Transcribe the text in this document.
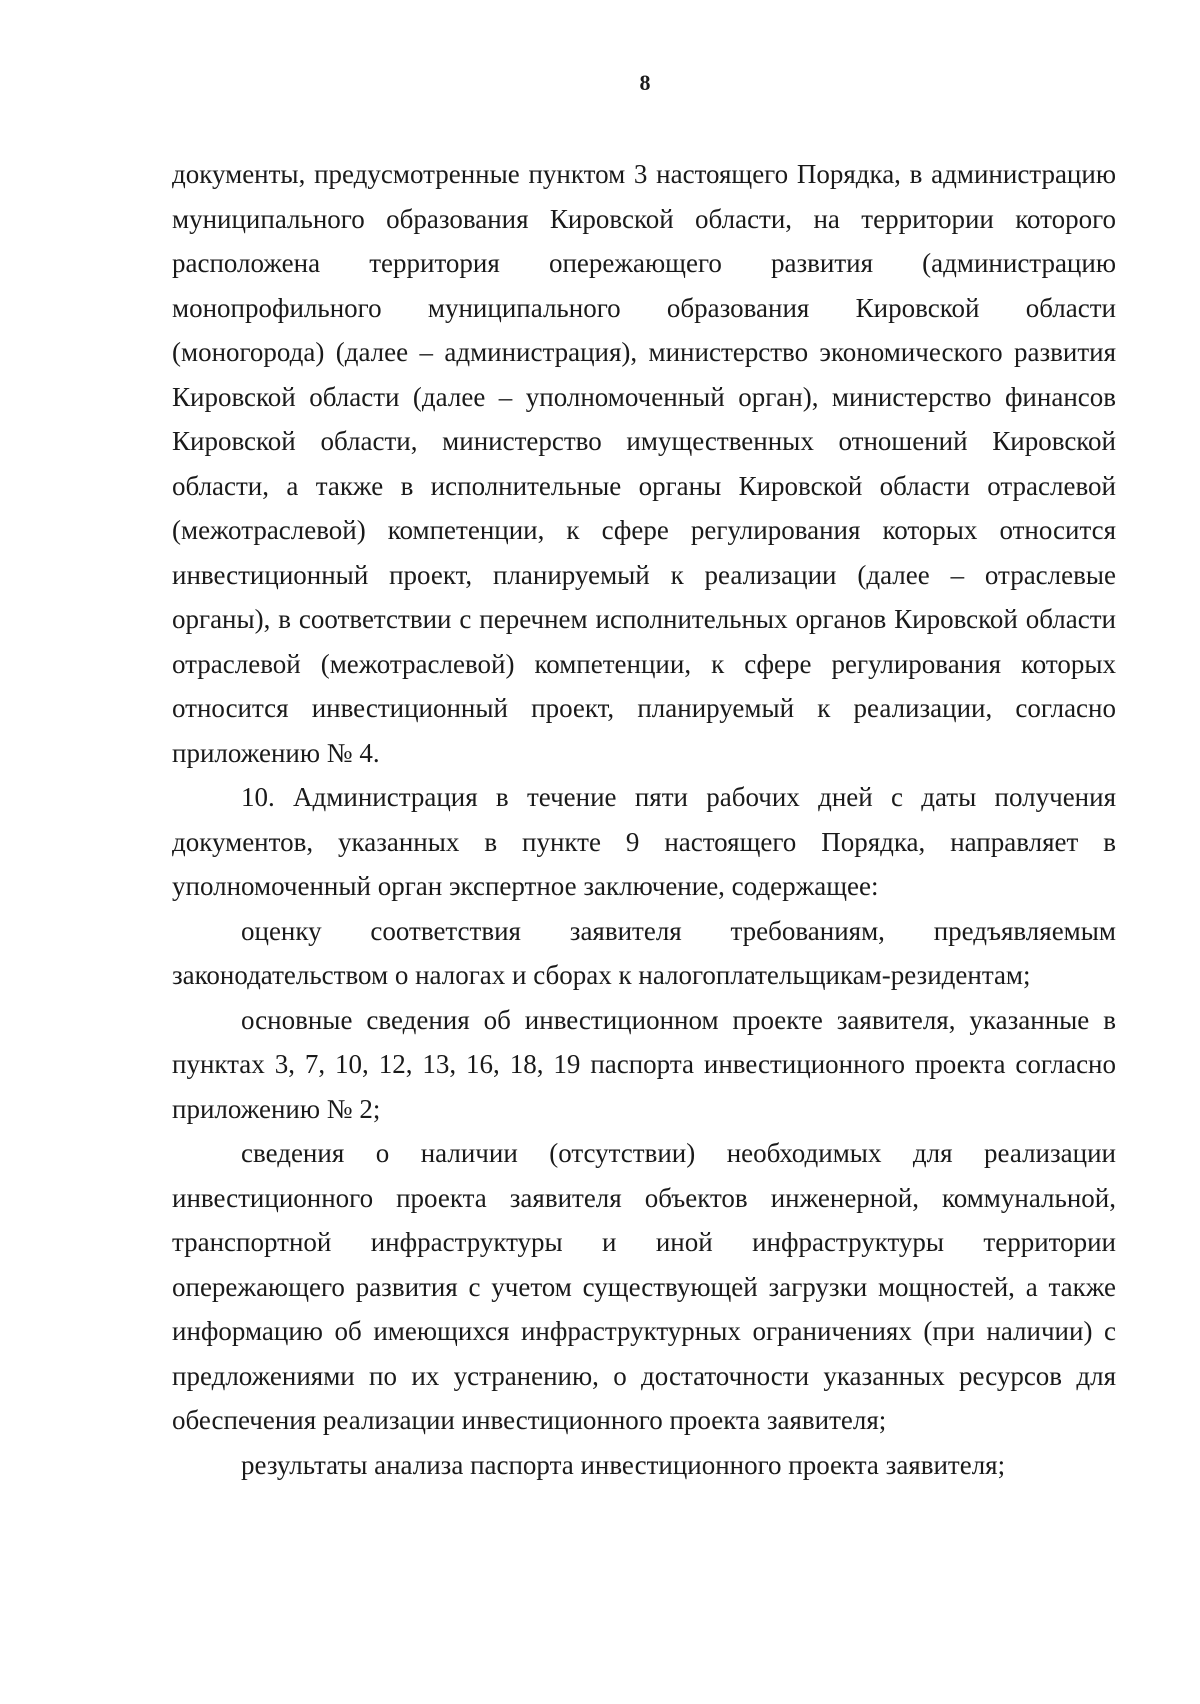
8

документы, предусмотренные пунктом 3 настоящего Порядка, в администрацию муниципального образования Кировской области, на территории которого расположена территория опережающего развития (администрацию монопрофильного муниципального образования Кировской области (моногорода) (далее – администрация), министерство экономического развития Кировской области (далее – уполномоченный орган), министерство финансов Кировской области, министерство имущественных отношений Кировской области, а также в исполнительные органы Кировской области отраслевой (межотраслевой) компетенции, к сфере регулирования которых относится инвестиционный проект, планируемый к реализации (далее – отраслевые органы), в соответствии с перечнем исполнительных органов Кировской области отраслевой (межотраслевой) компетенции, к сфере регулирования которых относится инвестиционный проект, планируемый к реализации, согласно приложению № 4.

10. Администрация в течение пяти рабочих дней с даты получения документов, указанных в пункте 9 настоящего Порядка, направляет в уполномоченный орган экспертное заключение, содержащее:

оценку соответствия заявителя требованиям, предъявляемым законодательством о налогах и сборах к налогоплательщикам-резидентам;

основные сведения об инвестиционном проекте заявителя, указанные в пунктах 3, 7, 10, 12, 13, 16, 18, 19 паспорта инвестиционного проекта согласно приложению № 2;

сведения о наличии (отсутствии) необходимых для реализации инвестиционного проекта заявителя объектов инженерной, коммунальной, транспортной инфраструктуры и иной инфраструктуры территории опережающего развития с учетом существующей загрузки мощностей, а также информацию об имеющихся инфраструктурных ограничениях (при наличии) с предложениями по их устранению, о достаточности указанных ресурсов для обеспечения реализации инвестиционного проекта заявителя;

результаты анализа паспорта инвестиционного проекта заявителя;
